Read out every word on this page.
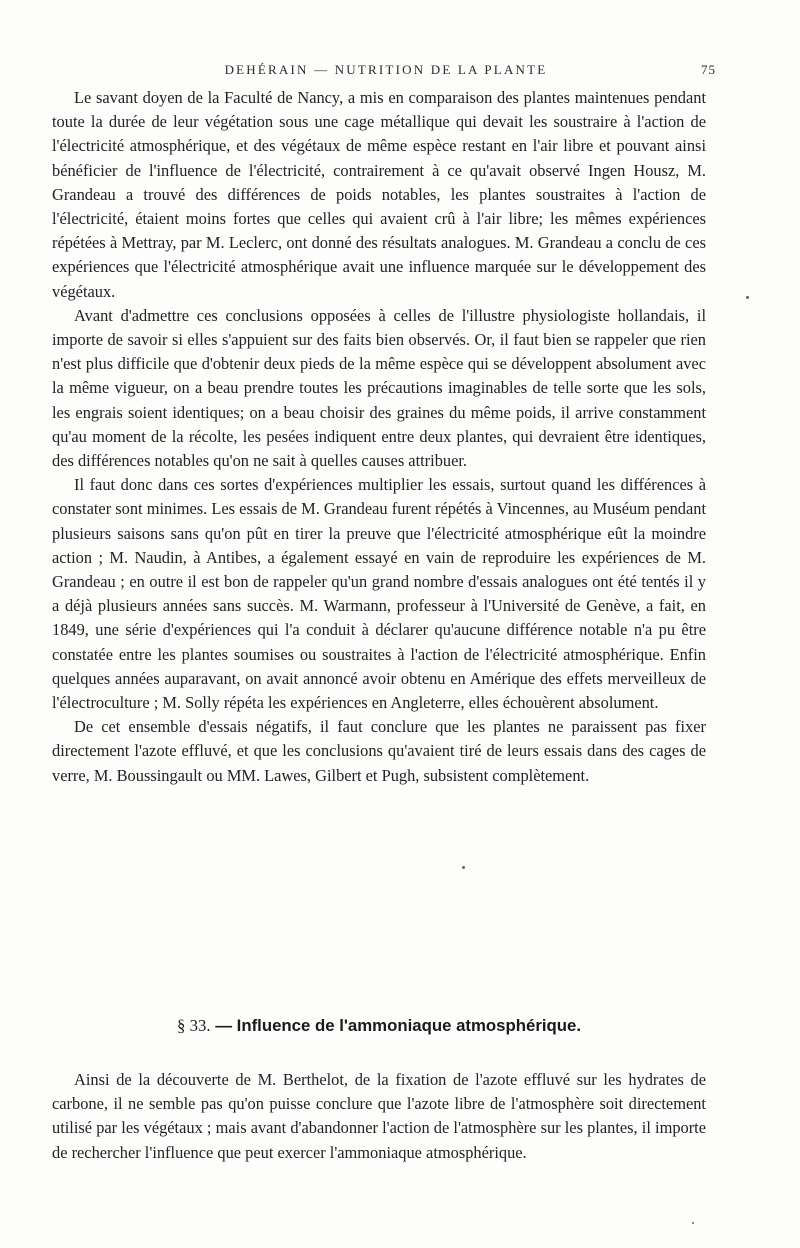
DEHÉRAIN — NUTRITION DE LA PLANTE	75

Le savant doyen de la Faculté de Nancy, a mis en comparaison des plantes maintenues pendant toute la durée de leur végétation sous une cage métallique qui devait les soustraire à l'action de l'électricité atmosphérique, et des végétaux de même espèce restant en l'air libre et pouvant ainsi bénéficier de l'influence de l'électricité, contrairement à ce qu'avait observé Ingen Housz, M. Grandeau a trouvé des différences de poids notables, les plantes soustraites à l'action de l'électricité, étaient moins fortes que celles qui avaient crû à l'air libre; les mêmes expériences répétées à Mettray, par M. Leclerc, ont donné des résultats analogues. M. Grandeau a conclu de ces expériences que l'électricité atmosphérique avait une influence marquée sur le développement des végétaux.

Avant d'admettre ces conclusions opposées à celles de l'illustre physiologiste hollandais, il importe de savoir si elles s'appuient sur des faits bien observés. Or, il faut bien se rappeler que rien n'est plus difficile que d'obtenir deux pieds de la même espèce qui se développent absolument avec la même vigueur, on a beau prendre toutes les précautions imaginables de telle sorte que les sols, les engrais soient identiques; on a beau choisir des graines du même poids, il arrive constamment qu'au moment de la récolte, les pesées indiquent entre deux plantes, qui devraient être identiques, des différences notables qu'on ne sait à quelles causes attribuer.

Il faut donc dans ces sortes d'expériences multiplier les essais, surtout quand les différences à constater sont minimes. Les essais de M. Grandeau furent répétés à Vincennes, au Muséum pendant plusieurs saisons sans qu'on pût en tirer la preuve que l'électricité atmosphérique eût la moindre action ; M. Naudin, à Antibes, a également essayé en vain de reproduire les expériences de M. Grandeau ; en outre il est bon de rappeler qu'un grand nombre d'essais analogues ont été tentés il y a déjà plusieurs années sans succès. M. Warmann, professeur à l'Université de Genève, a fait, en 1849, une série d'expériences qui l'a conduit à déclarer qu'aucune différence notable n'a pu être constatée entre les plantes soumises ou soustraites à l'action de l'électricité atmosphérique. Enfin quelques années auparavant, on avait annoncé avoir obtenu en Amérique des effets merveilleux de l'électroculture ; M. Solly répéta les expériences en Angleterre, elles échouèrent absolument.

De cet ensemble d'essais négatifs, il faut conclure que les plantes ne paraissent pas fixer directement l'azote effluvé, et que les conclusions qu'avaient tiré de leurs essais dans des cages de verre, M. Boussingault ou MM. Lawes, Gilbert et Pugh, subsistent complètement.

§ 33. — Influence de l'ammoniaque atmosphérique.

Ainsi de la découverte de M. Berthelot, de la fixation de l'azote effluvé sur les hydrates de carbone, il ne semble pas qu'on puisse conclure que l'azote libre de l'atmosphère soit directement utilisé par les végétaux ; mais avant d'abandonner l'action de l'atmosphère sur les plantes, il importe de rechercher l'influence que peut exercer l'ammoniaque atmosphérique.
